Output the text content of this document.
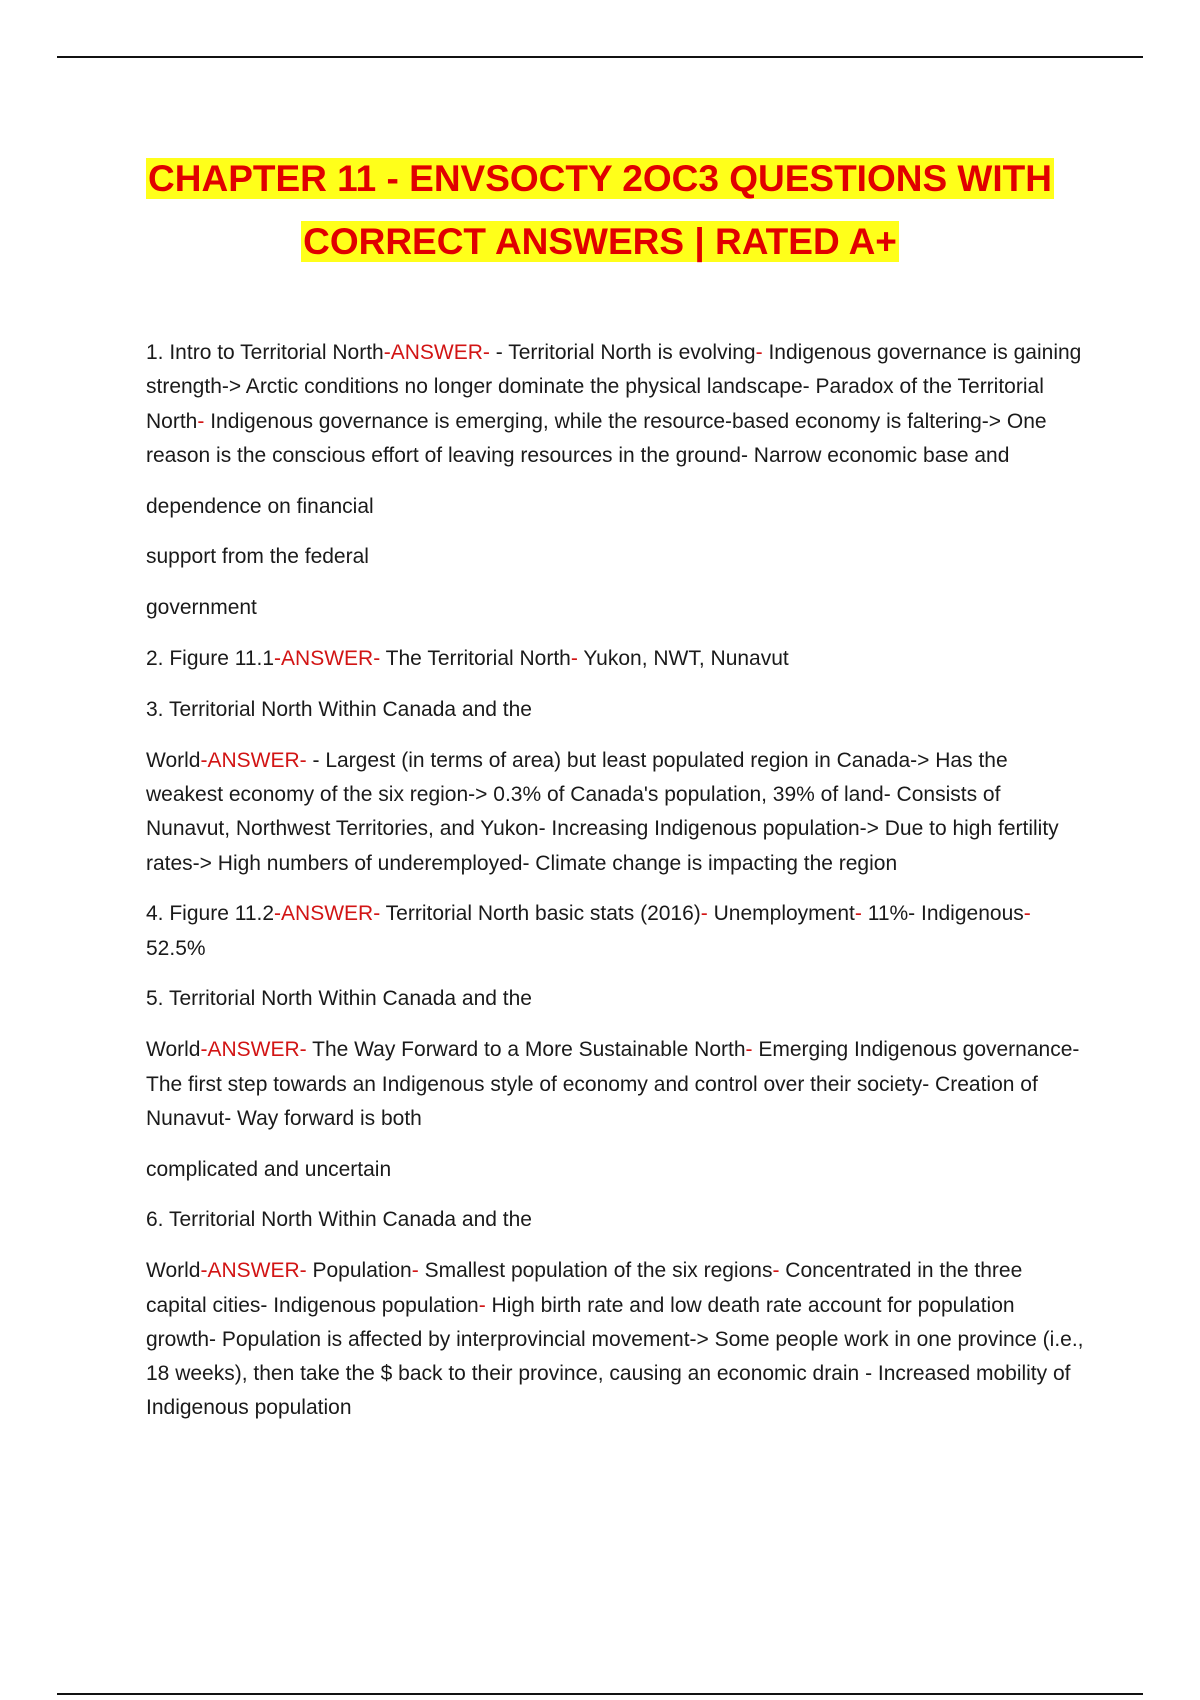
CHAPTER 11 - ENVSOCTY 2OC3 QUESTIONS WITH
CORRECT ANSWERS | RATED A+

1. Intro to Territorial North-ANSWER- - Territorial North is evolving- Indigenous governance is gaining strength-> Arctic conditions no longer dominate the physical landscape- Paradox of the Territorial North- Indigenous governance is emerging, while the resource-based economy is faltering-> One reason is the conscious effort of leaving resources in the ground- Narrow economic base and

dependence on financial

support from the federal

government

2. Figure 11.1-ANSWER- The Territorial North- Yukon, NWT, Nunavut

3. Territorial North Within Canada and the

World-ANSWER- - Largest (in terms of area) but least populated region in Canada-> Has the weakest economy of the six region-> 0.3% of Canada's population, 39% of land- Consists of Nunavut, Northwest Territories, and Yukon- Increasing Indigenous population-> Due to high fertility rates-> High numbers of underemployed- Climate change is impacting the region

4. Figure 11.2-ANSWER- Territorial North basic stats (2016)- Unemployment- 11%- Indigenous-
52.5%

5. Territorial North Within Canada and the

World-ANSWER- The Way Forward to a More Sustainable North- Emerging Indigenous governance- The first step towards an Indigenous style of economy and control over their society- Creation of Nunavut- Way forward is both

complicated and uncertain

6. Territorial North Within Canada and the

World-ANSWER- Population- Smallest population of the six regions- Concentrated in the three capital cities- Indigenous population- High birth rate and low death rate account for population growth- Population is affected by interprovincial movement-> Some people work in one province (i.e., 18 weeks), then take the $ back to their province, causing an economic drain - Increased mobility of Indigenous population
